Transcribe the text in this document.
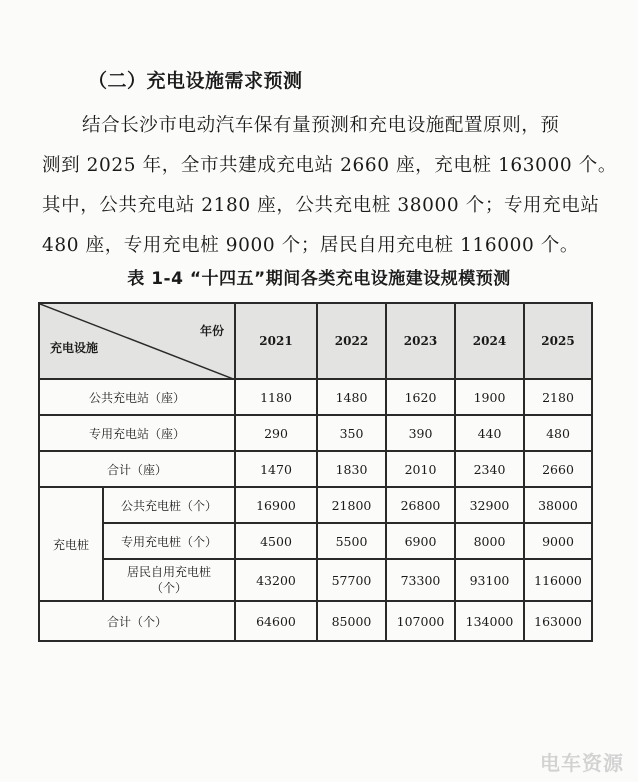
（二）充电设施需求预测
结合长沙市电动汽车保有量预测和充电设施配置原则，预
测到 2025 年，全市共建成充电站 2660 座，充电桩 163000 个。
其中，公共充电站 2180 座，公共充电桩 38000 个；专用充电站
480 座，专用充电桩 9000 个；居民自用充电桩 116000 个。
表 1-4 “十四五”期间各类充电设施建设规模预测
年份
充电设施		2021	2022	2023	2024	2025
公共充电站（座）		1180	1480	1620	1900	2180
专用充电站（座）		290	350	390	440	480
合计（座）		1470	1830	2010	2340	2660
充电桩	公共充电桩（个）	16900	21800	26800	32900	38000
	专用充电桩（个）	4500	5500	6900	8000	9000
	居民自用充电桩
（个）	43200	57700	73300	93100	116000
合计（个）		64600	85000	107000	134000	163000
电车资源
